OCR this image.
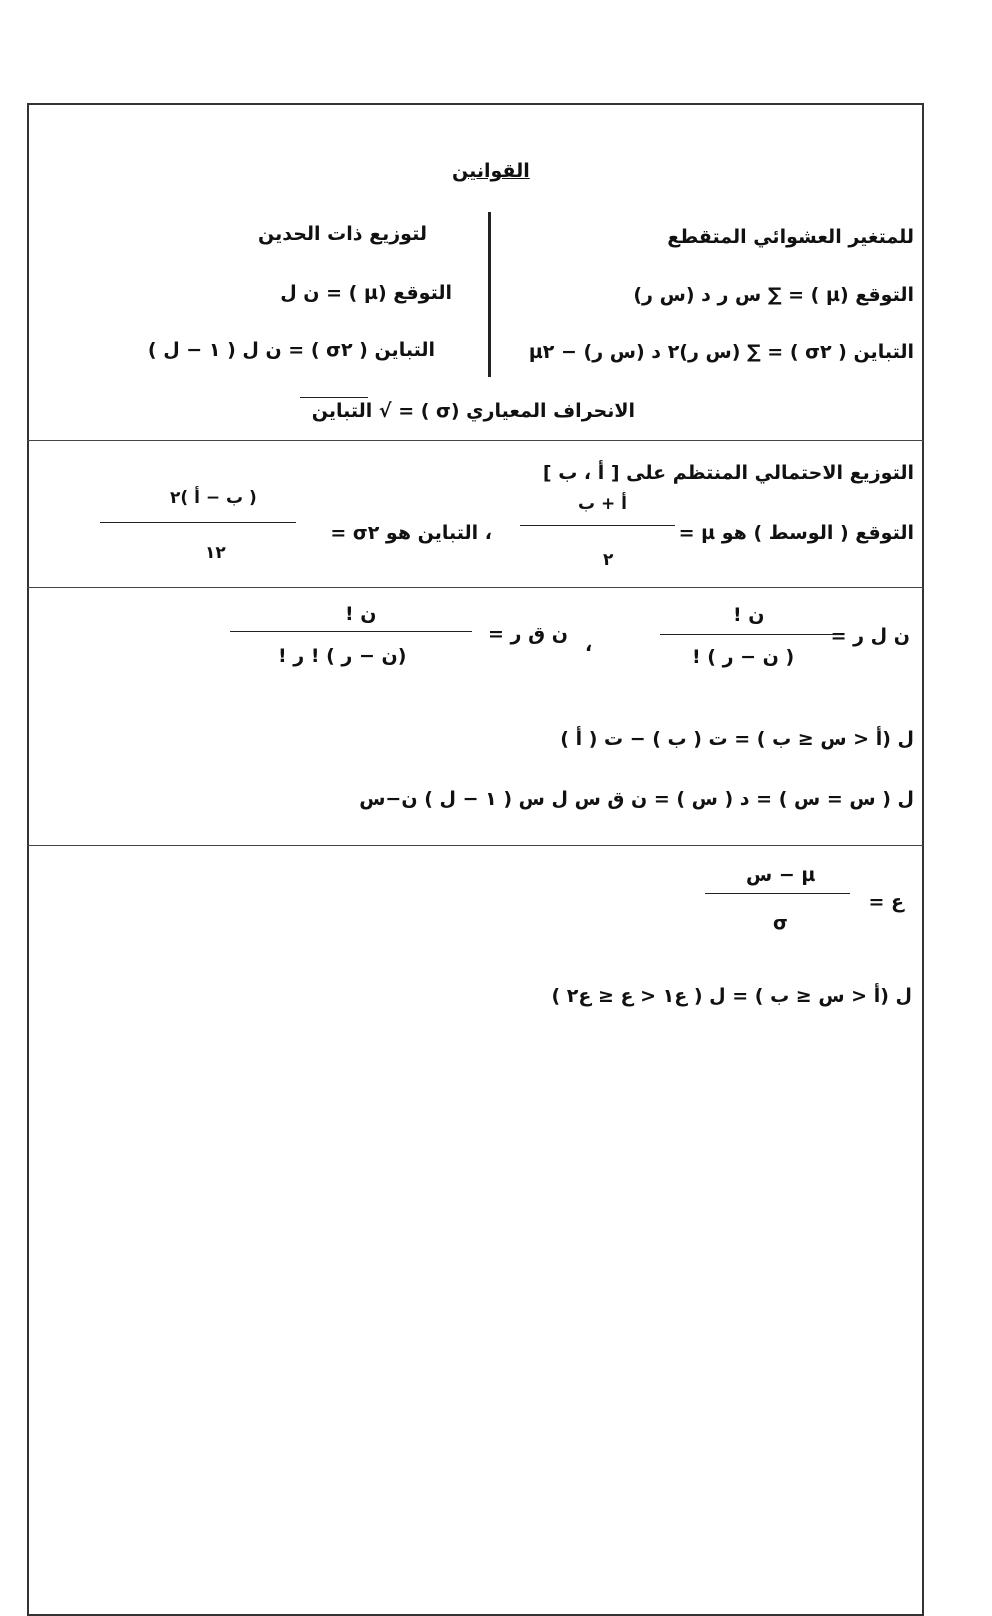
القوانين
للمتغير العشوائي المتقطع
التوقع (µ ) = ∑ س ر د (س ر)
التباين ( σ٢ ) = ∑ (س ر)٢ د (س ر) − µ٢
لتوزيع ذات الحدين
التوقع (µ ) = ن ل
التباين ( σ٢ ) = ن ل ( ١ − ل )
الانحراف المعياري (σ ) = √ التباين
التوزيع الاحتمالي المنتظم على [ أ ، ب ]
التوقع ( الوسط ) هو µ =
أ + ب
٢
، التباين هو σ٢ =
( ب − أ )٢
١٢
ن ل ر =
ن !
( ن − ر ) !
،
ن ق ر =
ن !
(ن − ر ) ! ر !
ل (أ < س ≤ ب ) = ت ( ب ) − ت ( أ )
ل ( س = س ) = د ( س ) = ن ق س ل س ( ١ − ل ) ن−س
ع =
س − µ
σ
ل (أ < س ≤ ب ) = ل ( ع١ < ع ≤ ع٢ )
